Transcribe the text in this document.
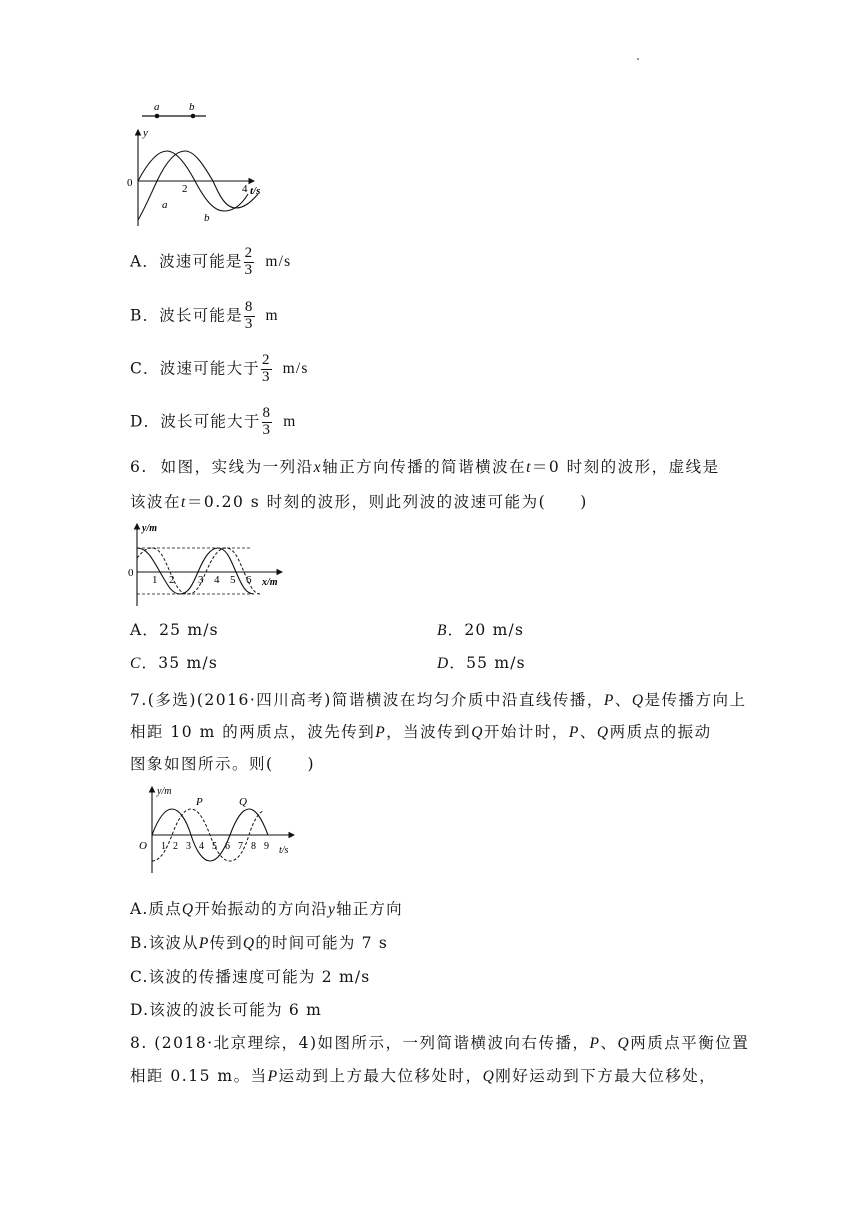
a	b
y
t/s
0	2	4
a
b
A．波速可能是 $\frac{2}{3} m/s$
B．波长可能是 $\frac{8}{3}$ m
C．波速可能大于 $\frac{2}{3} m/s$
D．波长可能大于 $\frac{8}{3}$ m
6. 如图，实线为一列沿x轴正方向传播的简谐横波在t＝0 时刻的波形，虚线是
该波在t＝0.20 s 时刻的波形，则此列波的波速可能为(　　)
y/m
x/m
0
1 2 3 4 5 6
A．25 m/s	B．20 m/s
C．35 m/s	D．55 m/s
7.(多选)(2016·四川高考)简谐横波在均匀介质中沿直线传播，P、Q是传播方向上
相距 10 m 的两质点，波先传到P，当波传到Q开始计时，P、Q两质点的振动
图象如图所示。则(　　)
y/m
t/s
O
P	Q
1 2 3 4 5 6 7 8 9
A.质点Q开始振动的方向沿y轴正方向
B.该波从P传到Q的时间可能为 7 s
C.该波的传播速度可能为 2 m/s
D.该波的波长可能为 6 m
8. (2018·北京理综，4)如图所示，一列简谐横波向右传播，P、Q两质点平衡位置
相距 0.15 m。当P运动到上方最大位移处时，Q刚好运动到下方最大位移处，
